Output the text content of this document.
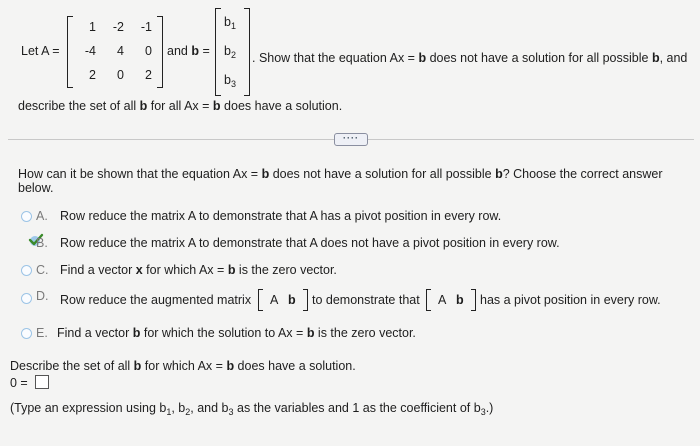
Let A =
1	-2	-1
-4	4	0
2	0	2
and b =
$b_1$
$b_2$
$b_3$
. Show that the equation Ax = b does not have a solution for all possible b, and
describe the set of all b for all Ax = b does have a solution.
····
How can it be shown that the equation Ax = b does not have a solution for all possible b? Choose the correct answer
below.
A. Row reduce the matrix A to demonstrate that A has a pivot position in every row.
B. Row reduce the matrix A to demonstrate that A does not have a pivot position in every row.
C. Find a vector x for which Ax = b is the zero vector.
D. Row reduce the augmented matrix A b to demonstrate that A b has a pivot position in every row.
E. Find a vector b for which the solution to Ax = b is the zero vector.
Describe the set of all b for which Ax = b does have a solution.
0 =
(Type an expression using $b_1$, $b_2$, and $b_3$ as the variables and 1 as the coefficient of $b_3$.)
